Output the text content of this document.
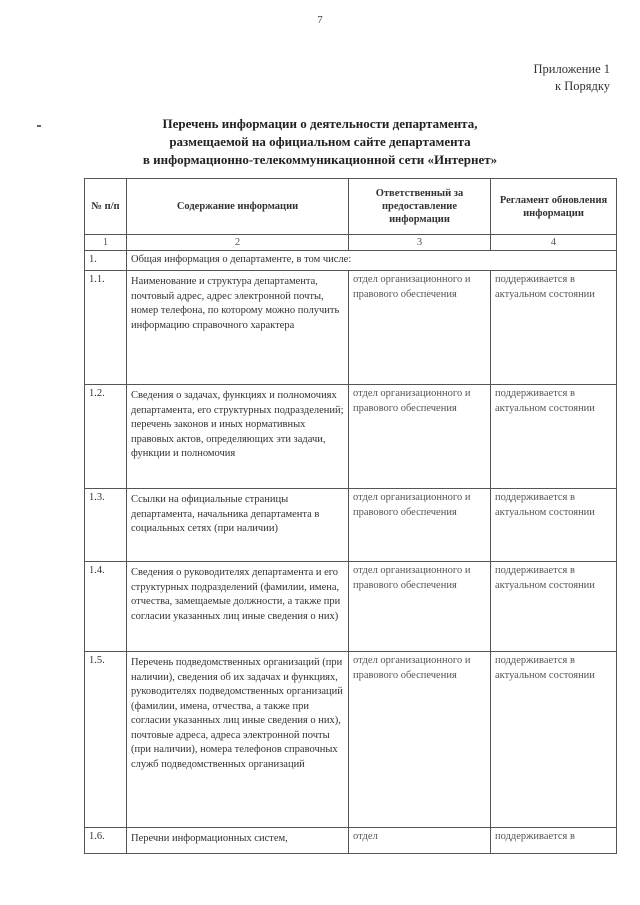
7
Приложение 1
к Порядку
Перечень информации о деятельности департамента,
размещаемой на официальном сайте департамента
в информационно-телекоммуникационной сети «Интернет»
№ п/п	Содержание информации	Ответственный за предоставление информации	Регламент обновления информации
1	2	3	4
1.	Общая информация о департаменте, в том числе:		
1.1.	Наименование и структура департамента, почтовый адрес, адрес электронной почты, номер телефона, по которому можно получить информацию справочного характера	отдел организационного и правового обеспечения	поддерживается в актуальном состоянии
1.2.	Сведения о задачах, функциях и полномочиях департамента, его структурных подразделений; перечень законов и иных нормативных правовых актов, определяющих эти задачи, функции и полномочия	отдел организационного и правового обеспечения	поддерживается в актуальном состоянии
1.3.	Ссылки на официальные страницы департамента, начальника департамента в социальных сетях (при наличии)	отдел организационного и правового обеспечения	поддерживается в актуальном состоянии
1.4.	Сведения о руководителях департамента и его структурных подразделений (фамилии, имена, отчества, замещаемые должности, а также при согласии указанных лиц иные сведения о них)	отдел организационного и правового обеспечения	поддерживается в актуальном состоянии
1.5.	Перечень подведомственных организаций (при наличии), сведения об их задачах и функциях, руководителях подведомственных организаций (фамилии, имена, отчества, а также при согласии указанных лиц иные сведения о них), почтовые адреса, адреса электронной почты (при наличии), номера телефонов справочных служб подведомственных организаций	отдел организационного и правового обеспечения	поддерживается в актуальном состоянии
1.6.	Перечни информационных систем,	отдел	поддерживается в
